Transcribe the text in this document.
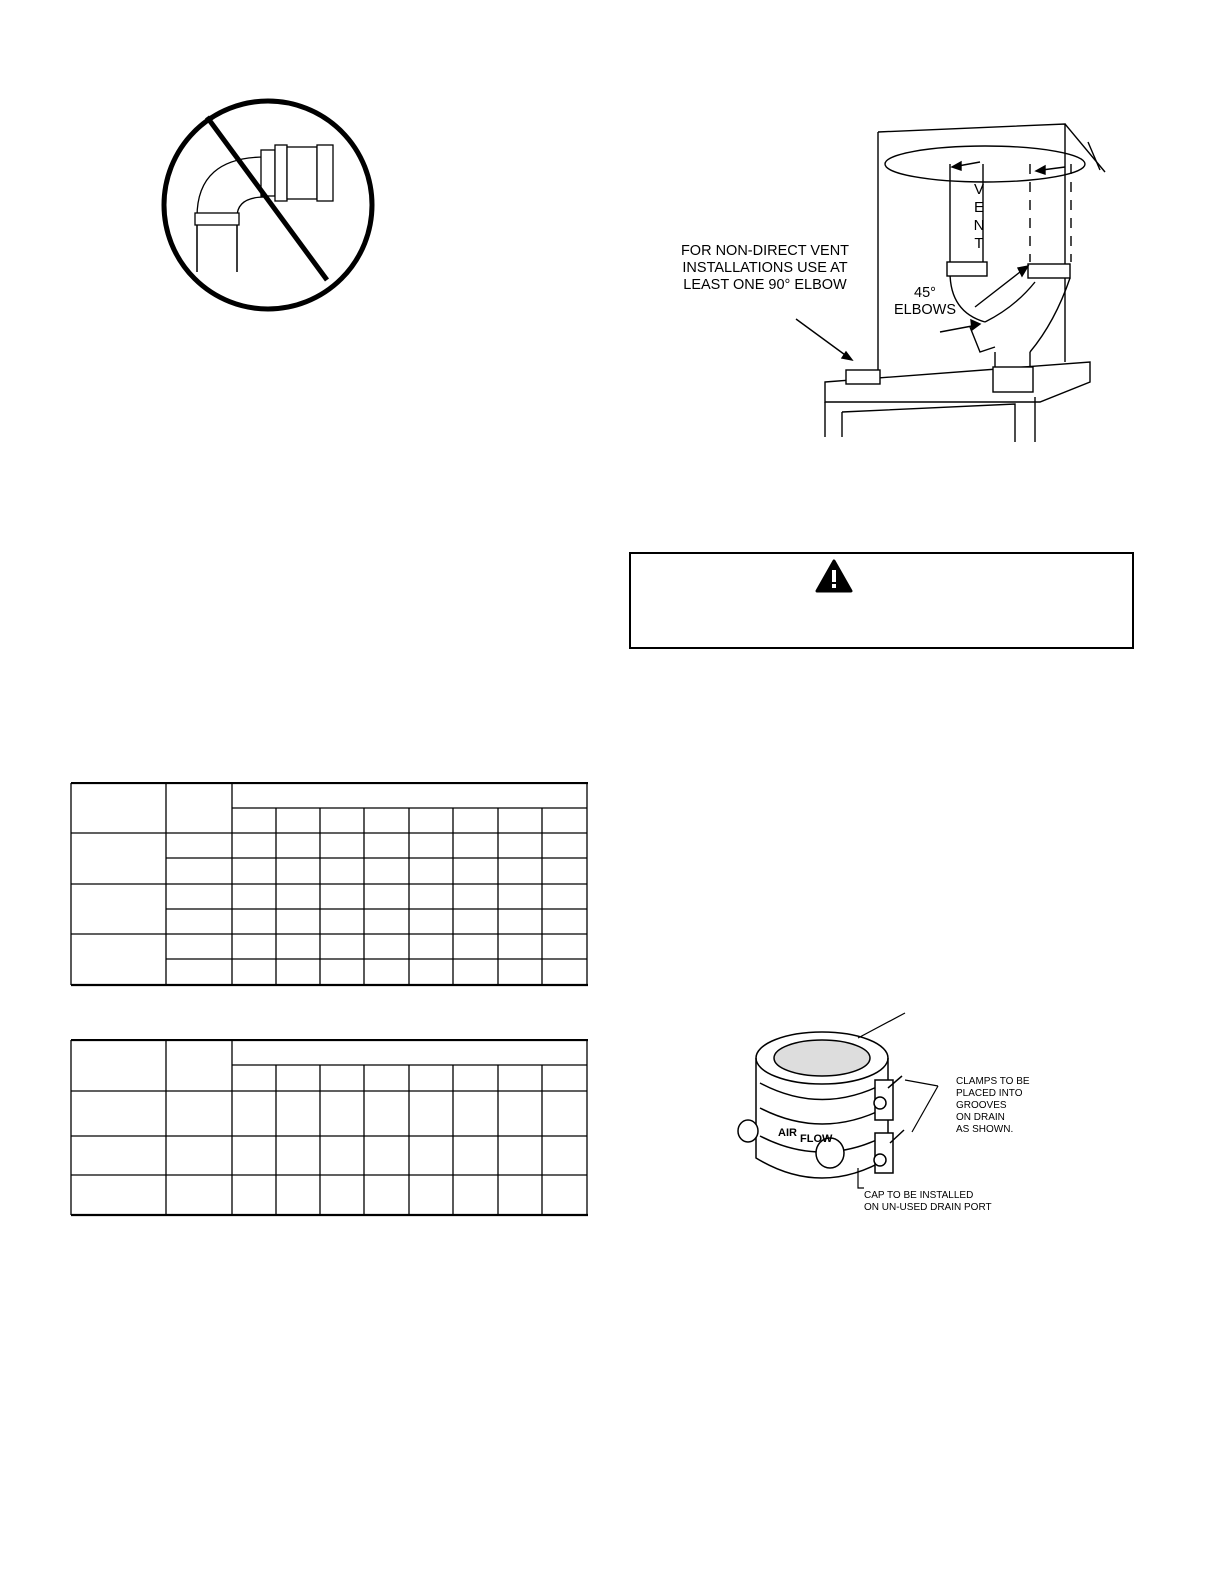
V
E
N
T
FOR NON-DIRECT VENT
INSTALLATIONS USE AT
LEAST ONE 90° ELBOW	45°
ELBOWS
AIR FLOW
CLAMPS TO BE
PLACED INTO
GROOVES
ON DRAIN
AS SHOWN.
CAP TO BE INSTALLED
ON UN-USED DRAIN PORT
